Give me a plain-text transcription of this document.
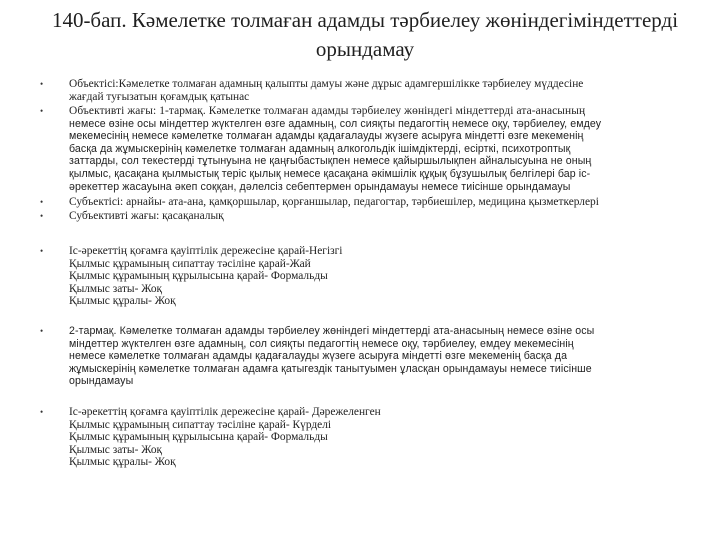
140-бап. Кәмелетке толмаған адамды тәрбиелеу жөніндегіміндеттерді
орындамау
•	Объектісі:Кәмелетке толмаған адамның қалыпты дамуы және дұрыс адамгершілікке тәрбиелеу мүддесіне
жағдай туғызатын қоғамдық қатынас
•	Объективті жағы: 1-тармақ. Кәмелетке толмаған адамды тәрбиелеу жөніндегі міндеттерді ата-анасының
немесе өзіне осы міндеттер жүктелген өзге адамның, сол сияқты педагогтің немесе оқу, тәрбиелеу, емдеу
мекемесінің немесе кәмелетке толмаған адамды қадағалауды жүзеге асыруға міндетті өзге мекеменің
басқа да жұмыскерінің кәмелетке толмаған адамның алкогольдік ішімдіктерді, есірткі, психотроптық
заттарды, сол текестерді тұтынуына не қаңғыбастықпен немесе қайыршылықпен айналысуына не оның
қылмыс, қасақана қылмыстық теріс қылық немесе қасақана әкімшілік құқық бұзушылық белгілері бар іс-
әрекеттер жасауына әкеп соққан, дәлелсіз себептермен орындамауы немесе тиісінше орындамауы
•	Субъектісі: арнайы- ата-ана, қамқоршылар, қорғаншылар, педагогтар, тәрбиешілер, медицина қызметкерлері
•	Субъективті жағы: қасақаналық
•	Іс-әрекеттің қоғамға қауіптілік дережесіне қарай-Негізгі
Қылмыс құрамының сипаттау тәсіліне қарай-Жай
Қылмыс құрамының құрылысына қарай- Формальды
Қылмыс заты- Жоқ
Қылмыс құралы- Жоқ
•	2-тармақ. Кәмелетке толмаған адамды тәрбиелеу жөніндегі міндеттерді ата-анасының немесе өзіне осы
міндеттер жүктелген өзге адамның, сол сияқты педагогтің немесе оқу, тәрбиелеу, емдеу мекемесінің
немесе кәмелетке толмаған адамды қадағалауды жүзеге асыруға міндетті өзге мекеменің басқа да
жұмыскерінің кәмелетке толмаған адамға қатыгездік танытуымен ұласқан орындамауы немесе тиісінше
орындамауы
•	Іс-әрекеттің қоғамға қауіптілік дережесіне қарай- Дәрежеленген
Қылмыс құрамының сипаттау тәсіліне қарай- Күрделі
Қылмыс құрамының құрылысына қарай- Формальды
Қылмыс заты- Жоқ
Қылмыс құралы- Жоқ
